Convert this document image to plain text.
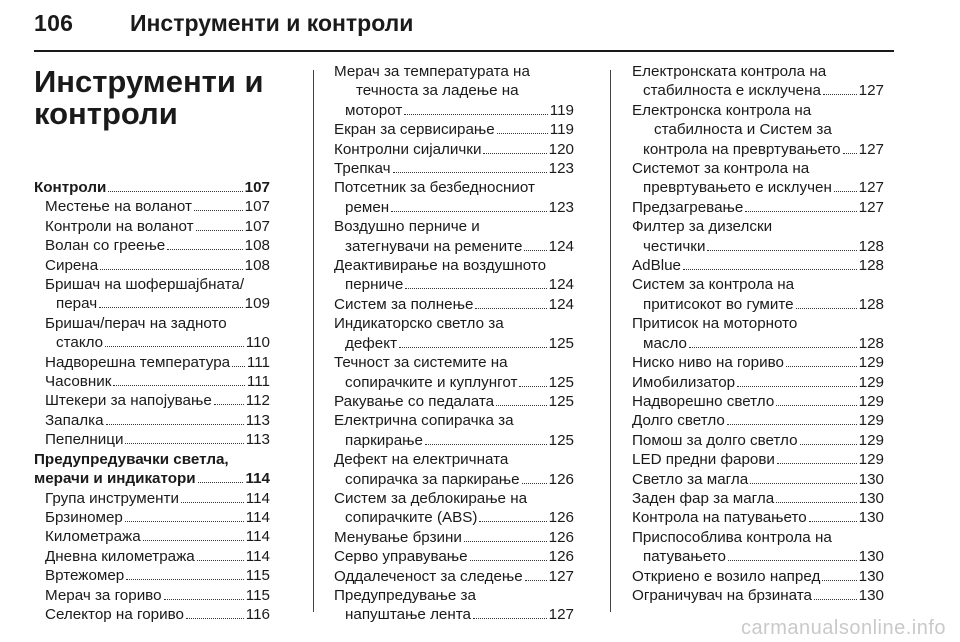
106 Инструменти и контроли
Инструменти и
контроли
Контроли	107
Местење на воланот	107
Контроли на воланот	107
Волан со греење	108
Сирена	108
Бришач на шофершајбната/
перач	109
Бришач/перач на задното
стакло	110
Надворешна температура 111
Часовник	111
Штекери за напојување 112
Запалка	113
Пепелници	113
Предупредувачки светла,
мерачи и индикатори	114
Група инструменти	114
Брзиномер	114
Километража	114
Дневна километража	114
Вртежомер	115
Мерач за гориво	115
Селектор на гориво	116
Мерач за температурата на
течноста за ладење на
моторот	119
Екран за сервисирање	119
Контролни сијалички	120
Трепкач	123
Потсетник за безбедносниот
ремен	123
Воздушно перниче и
затегнувачи на ремените 124
Деактивирање на воздушното
перниче	124
Систем за полнење	124
Индикаторско светло за
дефект	125
Течност за системите на
сопирачките и куплунгот 125
Ракување со педалата	125
Електрична сопирачка за
паркирање	125
Дефект на електричната
сопирачка за паркирање 126
Систем за деблокирање на
сопирачките (ABS)	126
Менување брзини	126
Серво управување	126
Оддалеченост за следење 127
Предупредување за
напуштање лента	127
Електронската контрола на
стабилноста е исклучена 127
Електронска контрола на
стабилноста и Систем за
контрола на превртувањето 127
Системот за контрола на
превртувањето е исклучен 127
Предзагревање	127
Филтер за дизелски
честички	128
AdBlue	128
Систем за контрола на
притисокот во гумите	128
Притисок на моторното
масло	128
Ниско ниво на гориво	129
Имобилизатор	129
Надворешно светло	129
Долго светло	129
Помош за долго светло	129
LED предни фарови	129
Светло за магла	130
Заден фар за магла	130
Контрола на патувањето	130
Приспособлива контрола на
патувањето	130
Откриено е возило напред	130
Ограничувач на брзината	130
carmanualsonline.info
